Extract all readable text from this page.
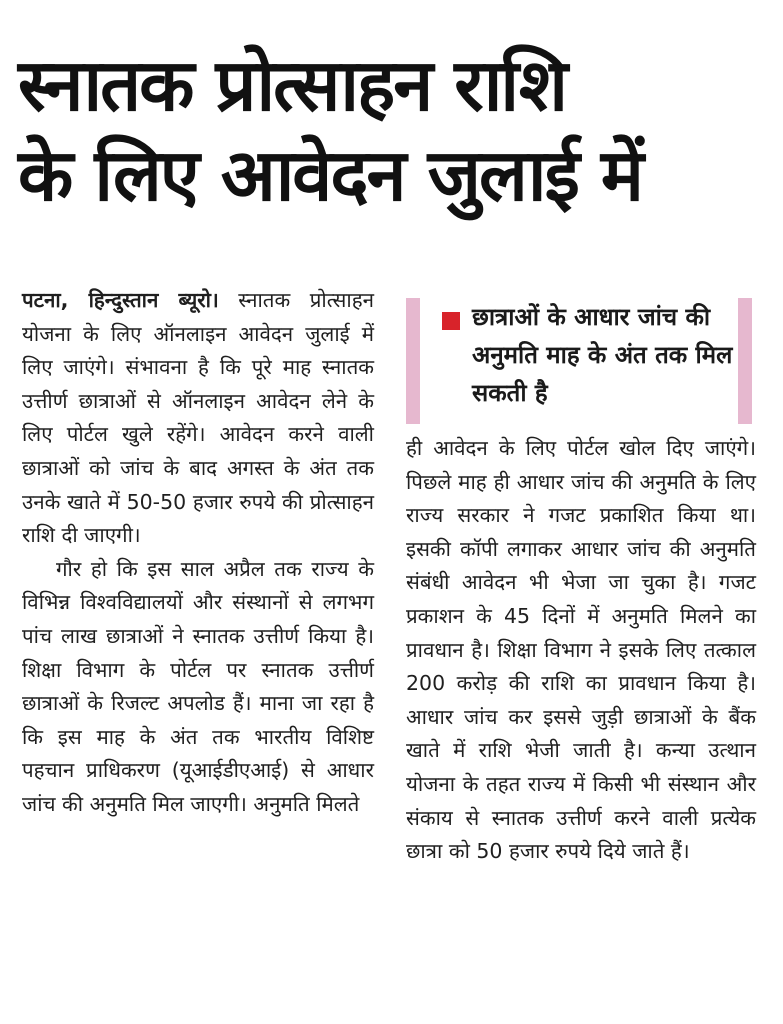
स्नातक प्रोत्साहन राशि
के लिए आवेदन जुलाई में

पटना, हिन्दुस्तान ब्यूरो। स्नातक प्रोत्साहन योजना के लिए ऑनलाइन आवेदन जुलाई में लिए जाएंगे। संभावना है कि पूरे माह स्नातक उत्तीर्ण छात्राओं से ऑनलाइन आवेदन लेने के लिए पोर्टल खुले रहेंगे। आवेदन करने वाली छात्राओं को जांच के बाद अगस्त के अंत तक उनके खाते में 50-50 हजार रुपये की प्रोत्साहन राशि दी जाएगी।

गौर हो कि इस साल अप्रैल तक राज्य के विभिन्न विश्वविद्यालयों और संस्थानों से लगभग पांच लाख छात्राओं ने स्नातक उत्तीर्ण किया है। शिक्षा विभाग के पोर्टल पर स्नातक उत्तीर्ण छात्राओं के रिजल्ट अपलोड हैं। माना जा रहा है कि इस माह के अंत तक भारतीय विशिष्ट पहचान प्राधिकरण (यूआईडीएआई) से आधार जांच की अनुमति मिल जाएगी। अनुमति मिलते

छात्राओं के आधार जांच की अनुमति माह के अंत तक मिल सकती है

ही आवेदन के लिए पोर्टल खोल दिए जाएंगे। पिछले माह ही आधार जांच की अनुमति के लिए राज्य सरकार ने गजट प्रकाशित किया था। इसकी कॉपी लगाकर आधार जांच की अनुमति संबंधी आवेदन भी भेजा जा चुका है। गजट प्रकाशन के 45 दिनों में अनुमति मिलने का प्रावधान है। शिक्षा विभाग ने इसके लिए तत्काल 200 करोड़ की राशि का प्रावधान किया है। आधार जांच कर इससे जुड़ी छात्राओं के बैंक खाते में राशि भेजी जाती है। कन्या उत्थान योजना के तहत राज्य में किसी भी संस्थान और संकाय से स्नातक उत्तीर्ण करने वाली प्रत्येक छात्रा को 50 हजार रुपये दिये जाते हैं।
